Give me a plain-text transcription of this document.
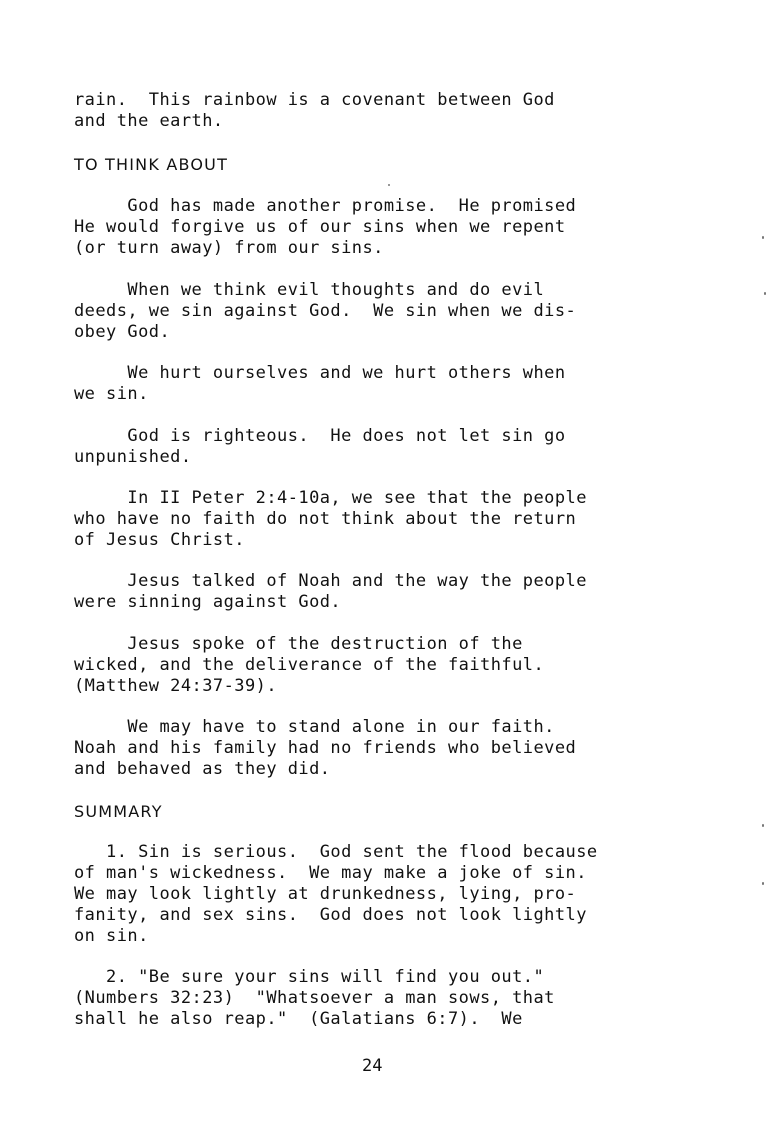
rain.  This rainbow is a covenant between God
and the earth.
TO THINK ABOUT
God has made another promise.  He promised
He would forgive us of our sins when we repent
(or turn away) from our sins.
When we think evil thoughts and do evil
deeds, we sin against God.  We sin when we dis-
obey God.
We hurt ourselves and we hurt others when
we sin.
God is righteous.  He does not let sin go
unpunished.
In II Peter 2:4-10a, we see that the people
who have no faith do not think about the return
of Jesus Christ.
Jesus talked of Noah and the way the people
were sinning against God.
Jesus spoke of the destruction of the
wicked, and the deliverance of the faithful.
(Matthew 24:37-39).
We may have to stand alone in our faith.
Noah and his family had no friends who believed
and behaved as they did.
SUMMARY
1. Sin is serious.  God sent the flood because
of man's wickedness.  We may make a joke of sin.
We may look lightly at drunkedness, lying, pro-
fanity, and sex sins.  God does not look lightly
on sin.
2. "Be sure your sins will find you out."
(Numbers 32:23)  "Whatsoever a man sows, that
shall he also reap."  (Galatians 6:7).  We
24
